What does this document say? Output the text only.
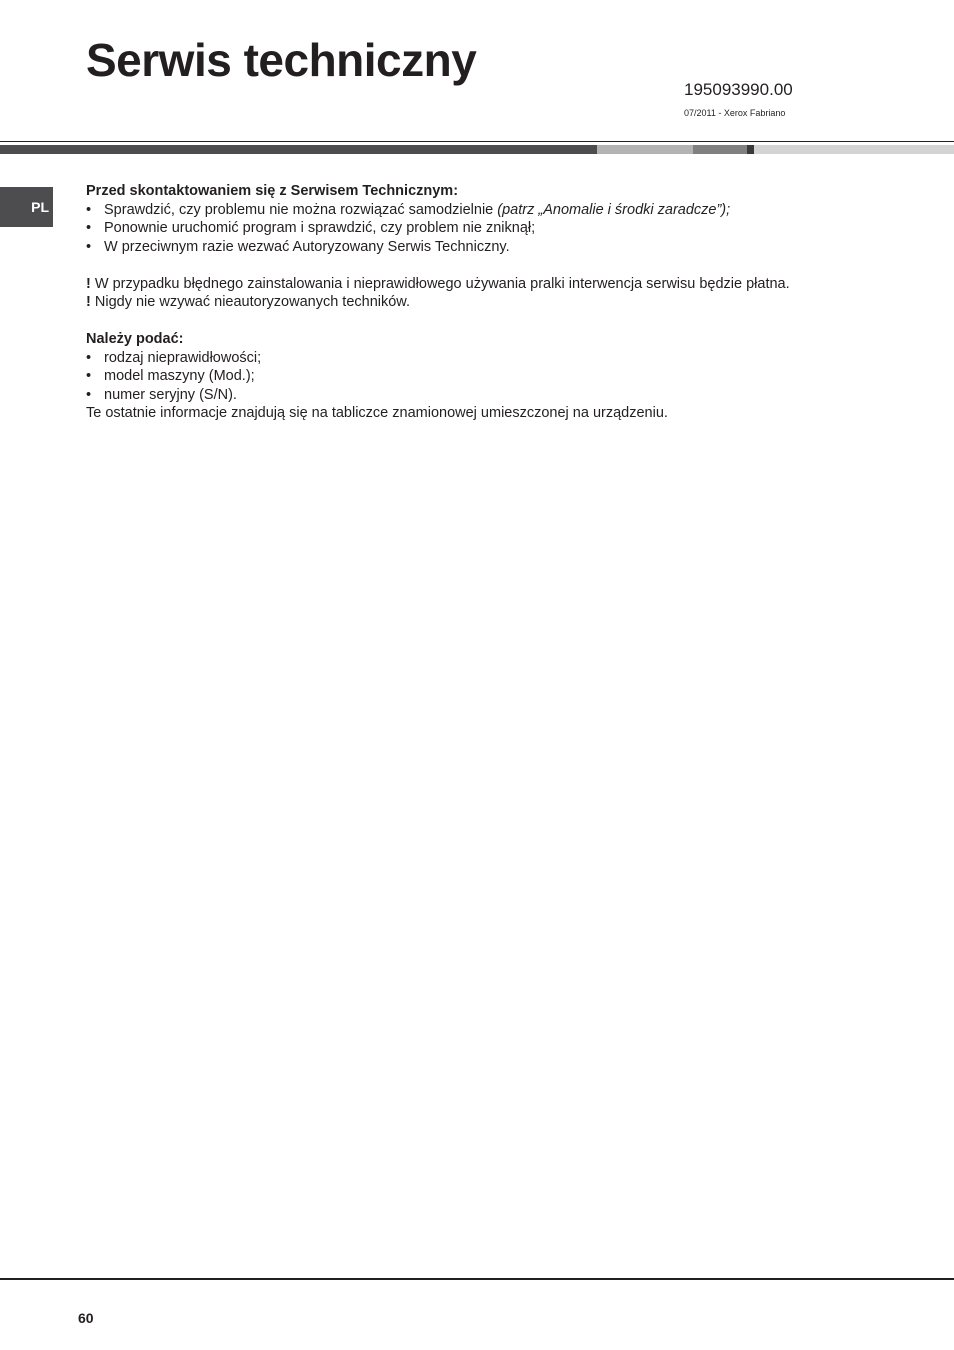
Serwis techniczny
195093990.00
07/2011 - Xerox Fabriano
PL
Przed skontaktowaniem się z Serwisem Technicznym:
• Sprawdzić, czy problemu nie można rozwiązać samodzielnie (patrz „Anomalie i środki zaradcze”);
• Ponownie uruchomić program i sprawdzić, czy problem nie zniknął;
• W przeciwnym razie wezwać Autoryzowany Serwis Techniczny.
! W przypadku błędnego zainstalowania i nieprawidłowego używania pralki interwencja serwisu będzie płatna.
! Nigdy nie wzywać nieautoryzowanych techników.
Należy podać:
• rodzaj nieprawidłowości;
• model maszyny (Mod.);
• numer seryjny (S/N).
Te ostatnie informacje znajdują się na tabliczce znamionowej umieszczonej na urządzeniu.
60
